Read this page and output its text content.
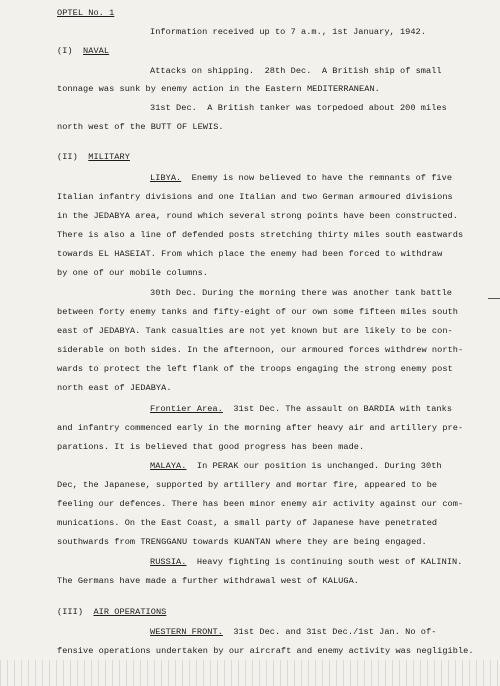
OPTEL No. 1
Information received up to 7 a.m., 1st January, 1942.
(I) NAVAL
Attacks on shipping. 28th Dec. A British ship of small
tonnage was sunk by enemy action in the Eastern MEDITERRANEAN.
31st Dec. A British tanker was torpedoed about 200 miles
north west of the BUTT OF LEWIS.
(II) MILITARY
LIBYA. Enemy is now believed to have the remnants of five
Italian infantry divisions and one Italian and two German armoured divisions
in the JEDABYA area, round which several strong points have been constructed.
There is also a line of defended posts stretching thirty miles south eastwards
towards EL HASEIAT. From which place the enemy had been forced to withdraw
by one of our mobile columns.
30th Dec. During the morning there was another tank battle
between forty enemy tanks and fifty-eight of our own some fifteen miles south
east of JEDABYA. Tank casualties are not yet known but are likely to be con-
siderable on both sides. In the afternoon, our armoured forces withdrew north-
wards to protect the left flank of the troops engaging the strong enemy post
north east of JEDABYA.
Frontier Area. 31st Dec. The assault on BARDIA with tanks
and infantry commenced early in the morning after heavy air and artillery pre-
parations. It is believed that good progress has been made.
MALAYA. In PERAK our position is unchanged. During 30th
Dec, the Japanese, supported by artillery and mortar fire, appeared to be
feeling our defences. There has been minor enemy air activity against our com-
munications. On the East Coast, a small party of Japanese have penetrated
southwards from TRENGGANU towards KUANTAN where they are being engaged.
RUSSIA. Heavy fighting is continuing south west of KALININ.
The Germans have made a further withdrawal west of KALUGA.
(III) AIR OPERATIONS
WESTERN FRONT. 31st Dec. and 31st Dec./1st Jan. No of-
fensive operations undertaken by our aircraft and enemy activity was negligible.
